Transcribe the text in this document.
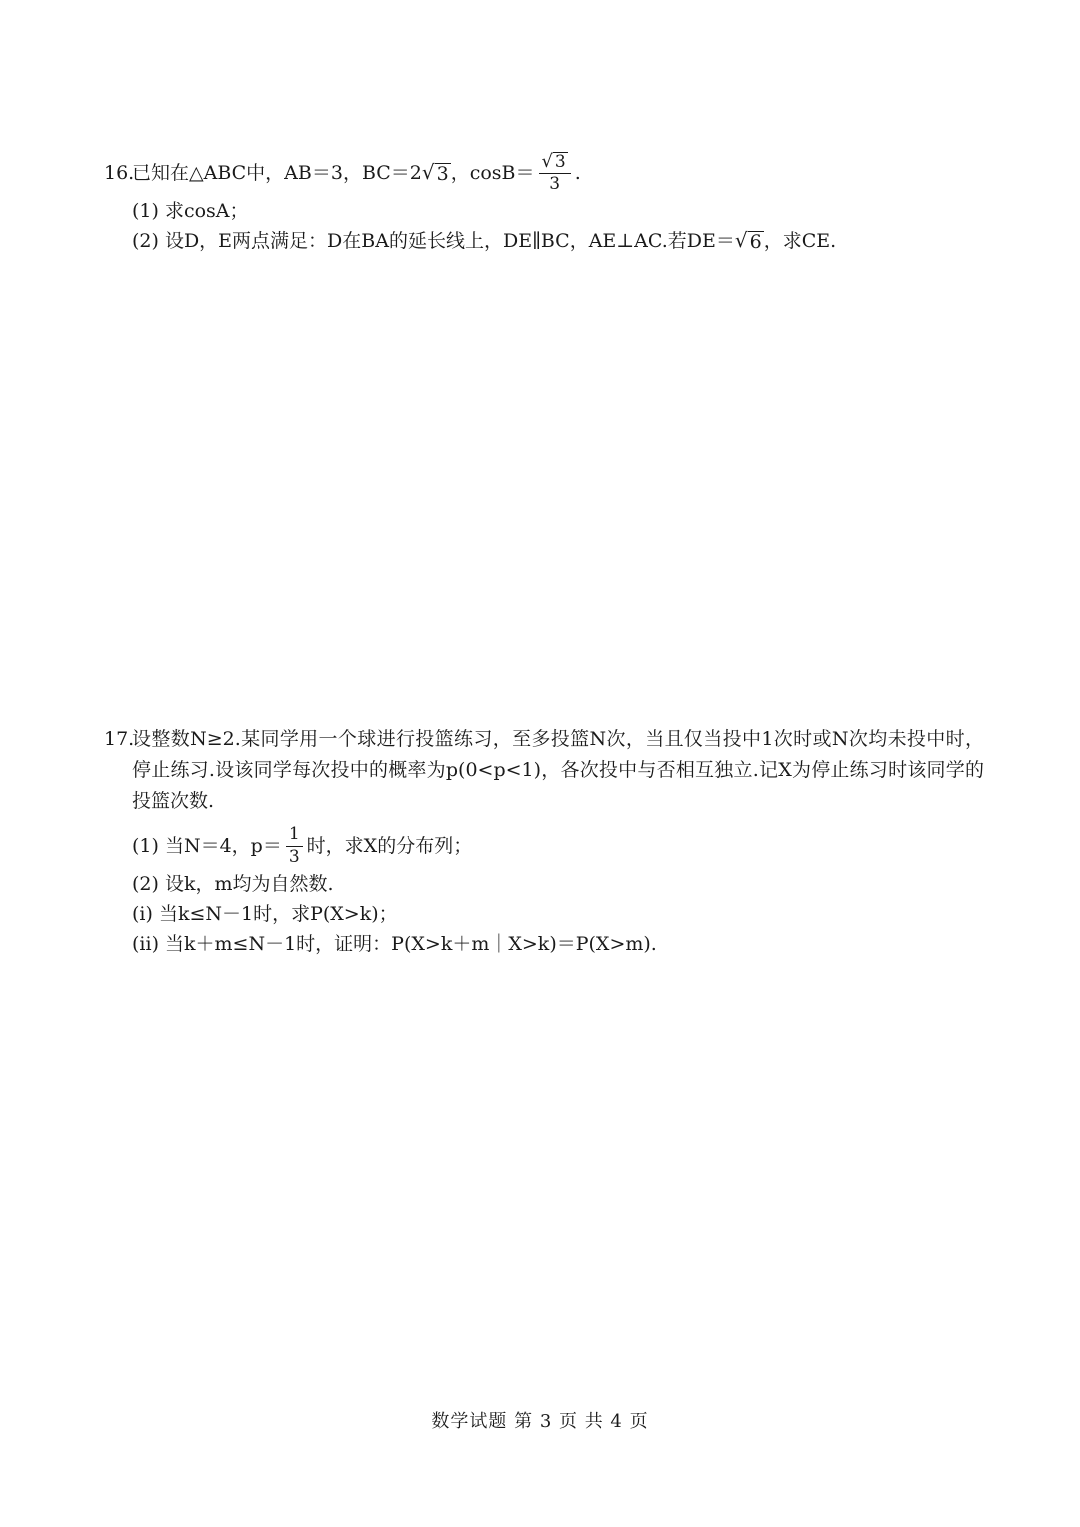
16.
已知在△ABC中，AB＝3，BC＝2 √ 3 ，$\cos B= \frac{√ 3}{3}$ .
(1) 求cosA；
(2) 设D，E两点满足：D在BA的延长线上，DE∥BC，AE⊥AC.若DE＝ √ 6 ，求CE.
17.
设整数N≥2.某同学用一个球进行投篮练习，至多投篮N次，当且仅当投中1次时或N次均未投中时，停止练习.设该同学每次投中的概率为p(0<p<1)，各次投中与否相互独立.记X为停止练习时该同学的投篮次数.
(1) 当N＝4，$p= \frac{1}{3}$ 时，求X的分布列；
(2) 设k，m均为自然数.
(i) 当k≤N－1时，求P(X>k)；
(ii) 当k＋m≤N－1时，证明：P(X>k＋m｜X>k)＝P(X>m).
数学试题 第 3 页 共 4 页
